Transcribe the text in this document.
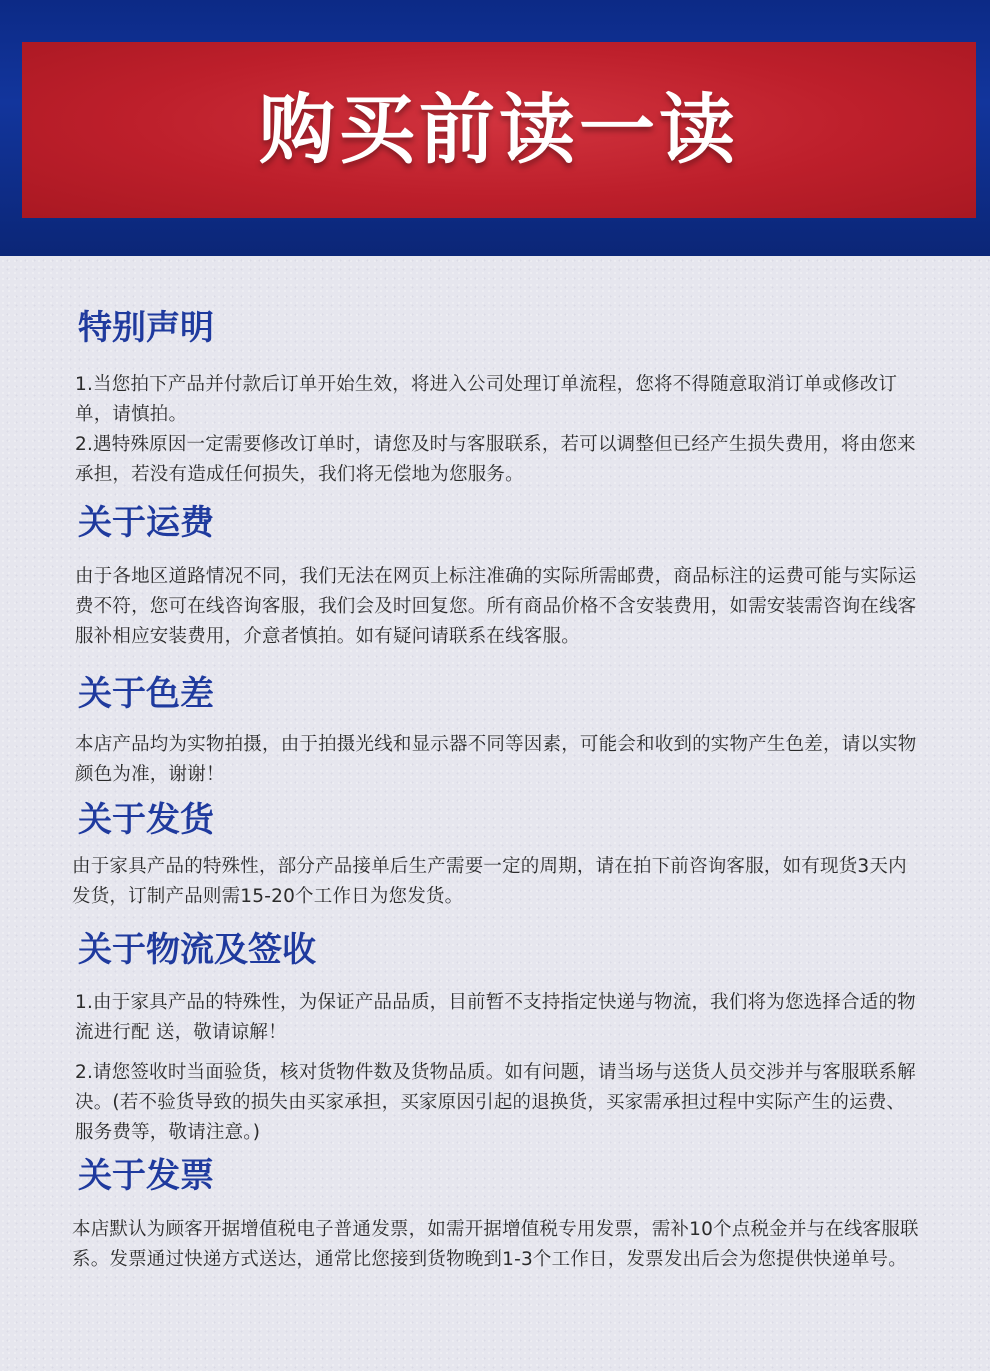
购买前读一读
特别声明
1.当您拍下产品并付款后订单开始生效，将进入公司处理订单流程，您将不得随意取消订单或修改订单，请慎拍。
2.遇特殊原因一定需要修改订单时，请您及时与客服联系，若可以调整但已经产生损失费用，将由您来承担，若没有造成任何损失，我们将无偿地为您服务。
关于运费
由于各地区道路情况不同，我们无法在网页上标注准确的实际所需邮费，商品标注的运费可能与实际运费不符，您可在线咨询客服，我们会及时回复您。所有商品价格不含安装费用，如需安装需咨询在线客服补相应安装费用，介意者慎拍。如有疑问请联系在线客服。
关于色差
本店产品均为实物拍摄，由于拍摄光线和显示器不同等因素，可能会和收到的实物产生色差，请以实物颜色为准，谢谢！
关于发货
由于家具产品的特殊性，部分产品接单后生产需要一定的周期，请在拍下前咨询客服，如有现货3天内发货，订制产品则需15-20个工作日为您发货。
关于物流及签收
1.由于家具产品的特殊性，为保证产品品质，目前暂不支持指定快递与物流，我们将为您选择合适的物流进行配 送，敬请谅解！
2.请您签收时当面验货，核对货物件数及货物品质。如有问题，请当场与送货人员交涉并与客服联系解决。(若不验货导致的损失由买家承担，买家原因引起的退换货，买家需承担过程中实际产生的运费、服务费等，敬请注意。)
关于发票
本店默认为顾客开据增值税电子普通发票，如需开据增值税专用发票，需补10个点税金并与在线客服联系。发票通过快递方式送达，通常比您接到货物晚到1-3个工作日，发票发出后会为您提供快递单号。
